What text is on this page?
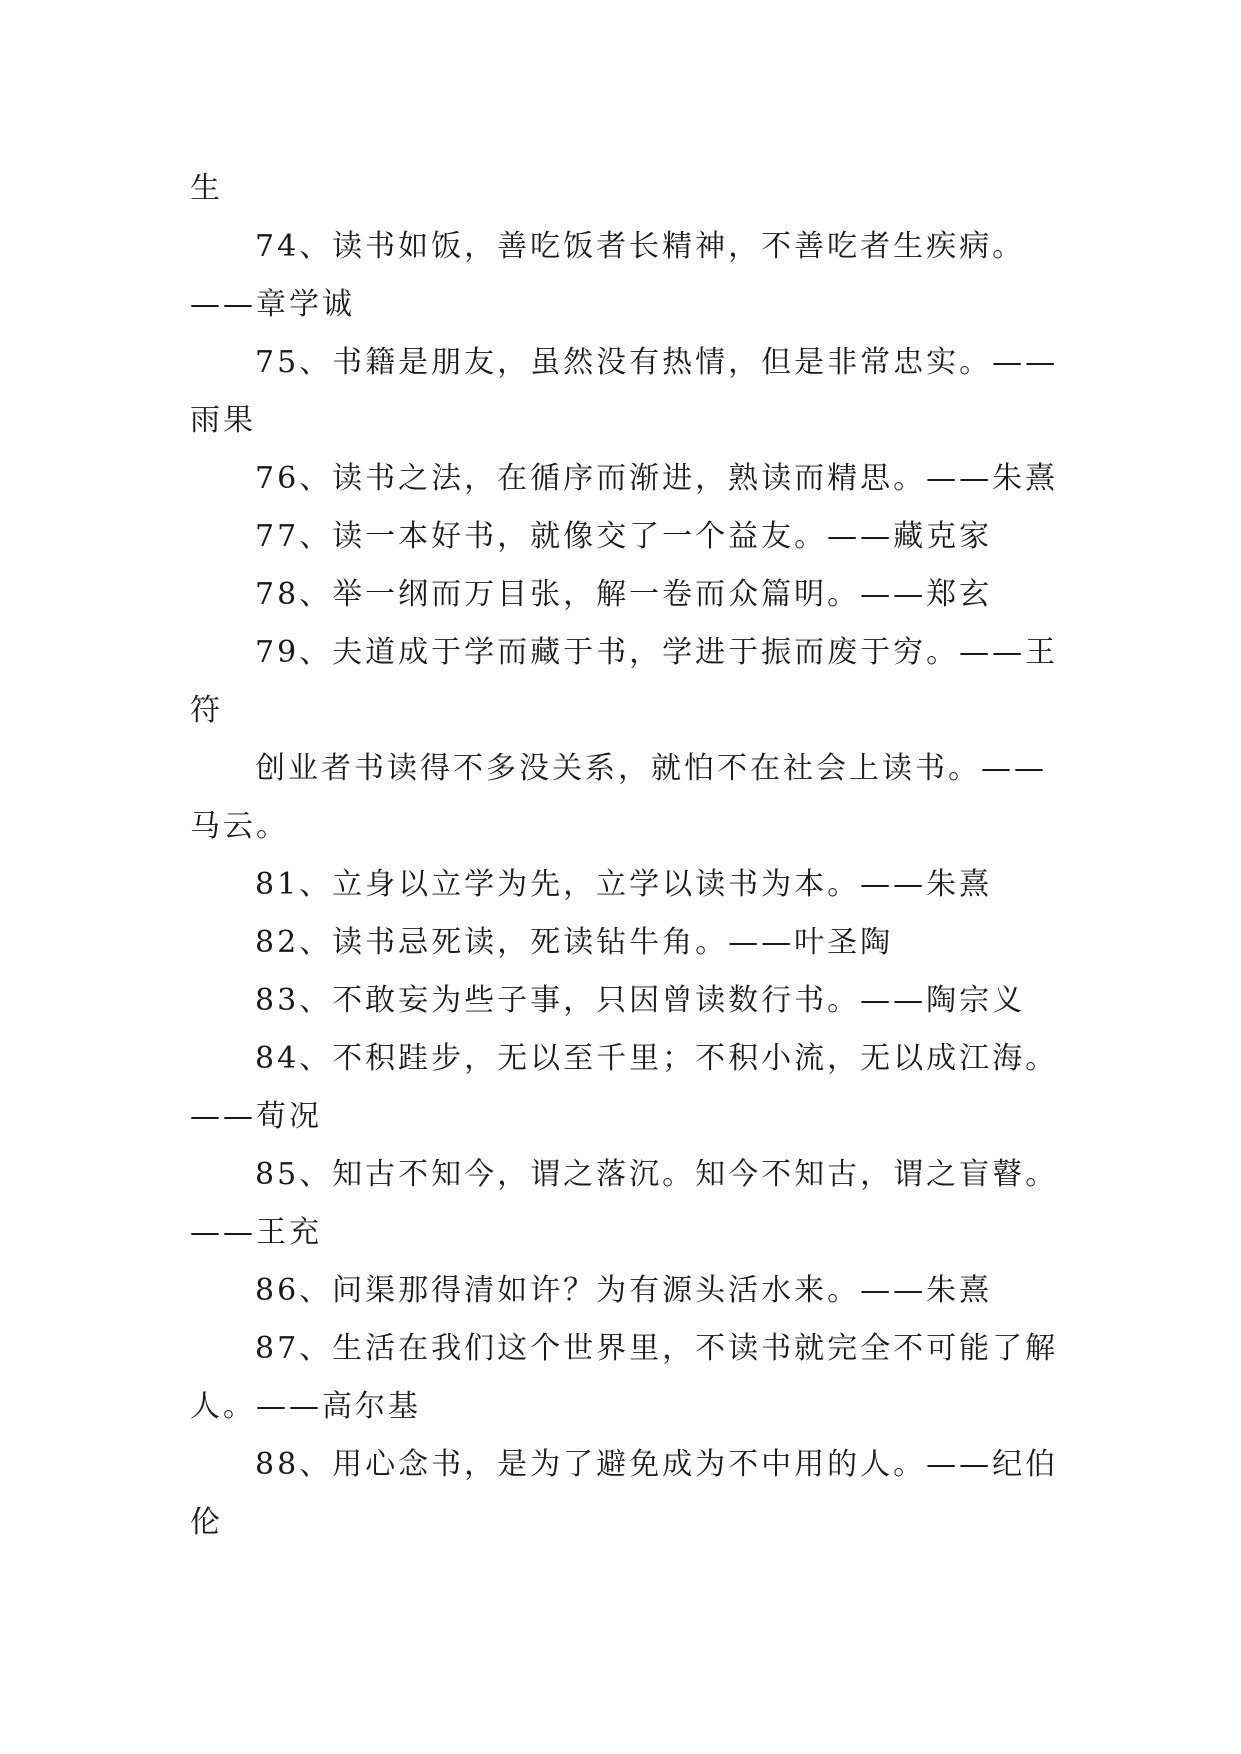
生
74、读书如饭，善吃饭者长精神，不善吃者生疾病。
——章学诚
75、书籍是朋友，虽然没有热情，但是非常忠实。——
雨果
76、读书之法，在循序而渐进，熟读而精思。——朱熹
77、读一本好书，就像交了一个益友。——藏克家
78、举一纲而万目张，解一卷而众篇明。——郑玄
79、夫道成于学而藏于书，学进于振而废于穷。——王
符
创业者书读得不多没关系，就怕不在社会上读书。——
马云。
81、立身以立学为先，立学以读书为本。——朱熹
82、读书忌死读，死读钻牛角。——叶圣陶
83、不敢妄为些子事，只因曾读数行书。——陶宗义
84、不积跬步，无以至千里；不积小流，无以成江海。
——荀况
85、知古不知今，谓之落沉。知今不知古，谓之盲瞽。
——王充
86、问渠那得清如许？为有源头活水来。——朱熹
87、生活在我们这个世界里，不读书就完全不可能了解
人。——高尔基
88、用心念书，是为了避免成为不中用的人。——纪伯
伦
